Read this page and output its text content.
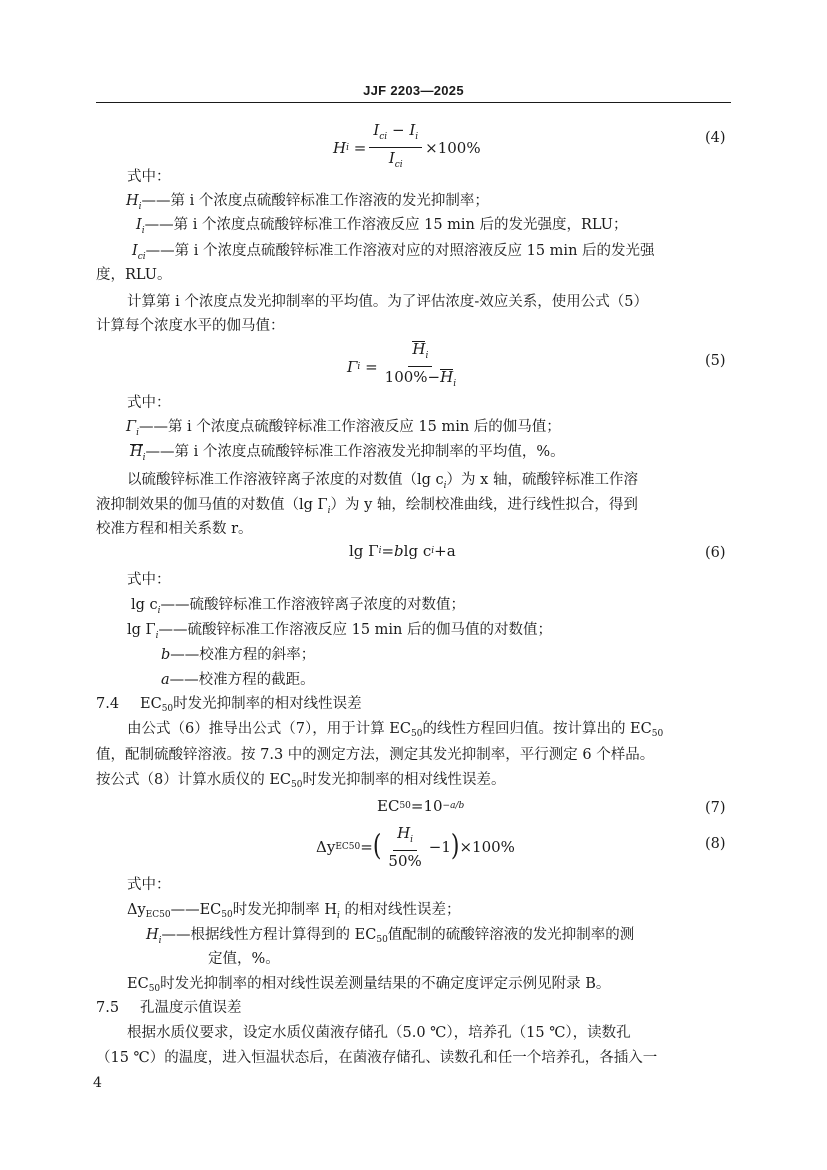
JJF 2203—2025
H $i = \frac{I_{ci} - I_i}{I_{ci}} \times 100\%$
(4)
式中：
$H_i——$第 i 个浓度点硫酸锌标准工作溶液的发光抑制率；
$I_i——$第 i 个浓度点硫酸锌标准工作溶液反应 15 min 后的发光强度，RLU；
$I_{ci}——$第 i 个浓度点硫酸锌标准工作溶液对应的对照溶液反应 15 min 后的发光强
度，RLU。
计算第 i 个浓度点发光抑制率的平均值。为了评估浓度-效应关系，使用公式（5）
计算每个浓度水平的伽马值：
Γ $i = \frac{H_i}{100\%-H_i}$	(5)
式中：
$\Gamma_i——$第 i 个浓度点硫酸锌标准工作溶液反应 15 min 后的伽马值；
$H_i——$第 i 个浓度点硫酸锌标准工作溶液发光抑制率的平均值，%。
以硫酸锌标准工作溶液锌离子浓度的对数值（lg $c_i$）为 x 轴，硫酸锌标准工作溶
液抑制效果的伽马值的对数值（lg $\Gamma_i$）为 y 轴，绘制校准曲线，进行线性拟合，得到
校准方程和相关系数 r。
lg Γ i = b lg c i +a	(6)
式中：
$\lg c_i——$硫酸锌标准工作溶液锌离子浓度的对数值；
$\lg \Gamma_i——$硫酸锌标准工作溶液反应 15 min 后的伽马值的对数值；
b——校准方程的斜率；
a——校准方程的截距。
7.4 $EC_{50}$时发光抑制率的相对线性误差
由公式（6）推导出公式（7），用于计算 $EC_{50}$的线性方程回归值。按计算出的 $EC_{50}$
值，配制硫酸锌溶液。按 7.3 中的测定方法，测定其发光抑制率，平行测定 6 个样品。
按公式（8）计算水质仪的 $EC_{50}$时发光抑制率的相对线性误差。
EC 50 =10 −a/b	(7)
Δy EC50 = ( $\frac{H_i}{50\%} -1$ ) ×100%	(8)
式中：
$\Delta y_{EC50}——EC_{50}$时发光抑制率 $H_i$ 的相对线性误差；
$H_i——$根据线性方程计算得到的 $EC_{50}$值配制的硫酸锌溶液的发光抑制率的测
定值，%。
$EC_{50}$时发光抑制率的相对线性误差测量结果的不确定度评定示例见附录 B。
7.5 孔温度示值误差
根据水质仪要求，设定水质仪菌液存储孔（5.0 ℃），培养孔（15 ℃），读数孔
（15 ℃）的温度，进入恒温状态后，在菌液存储孔、读数孔和任一个培养孔，各插入一
4
